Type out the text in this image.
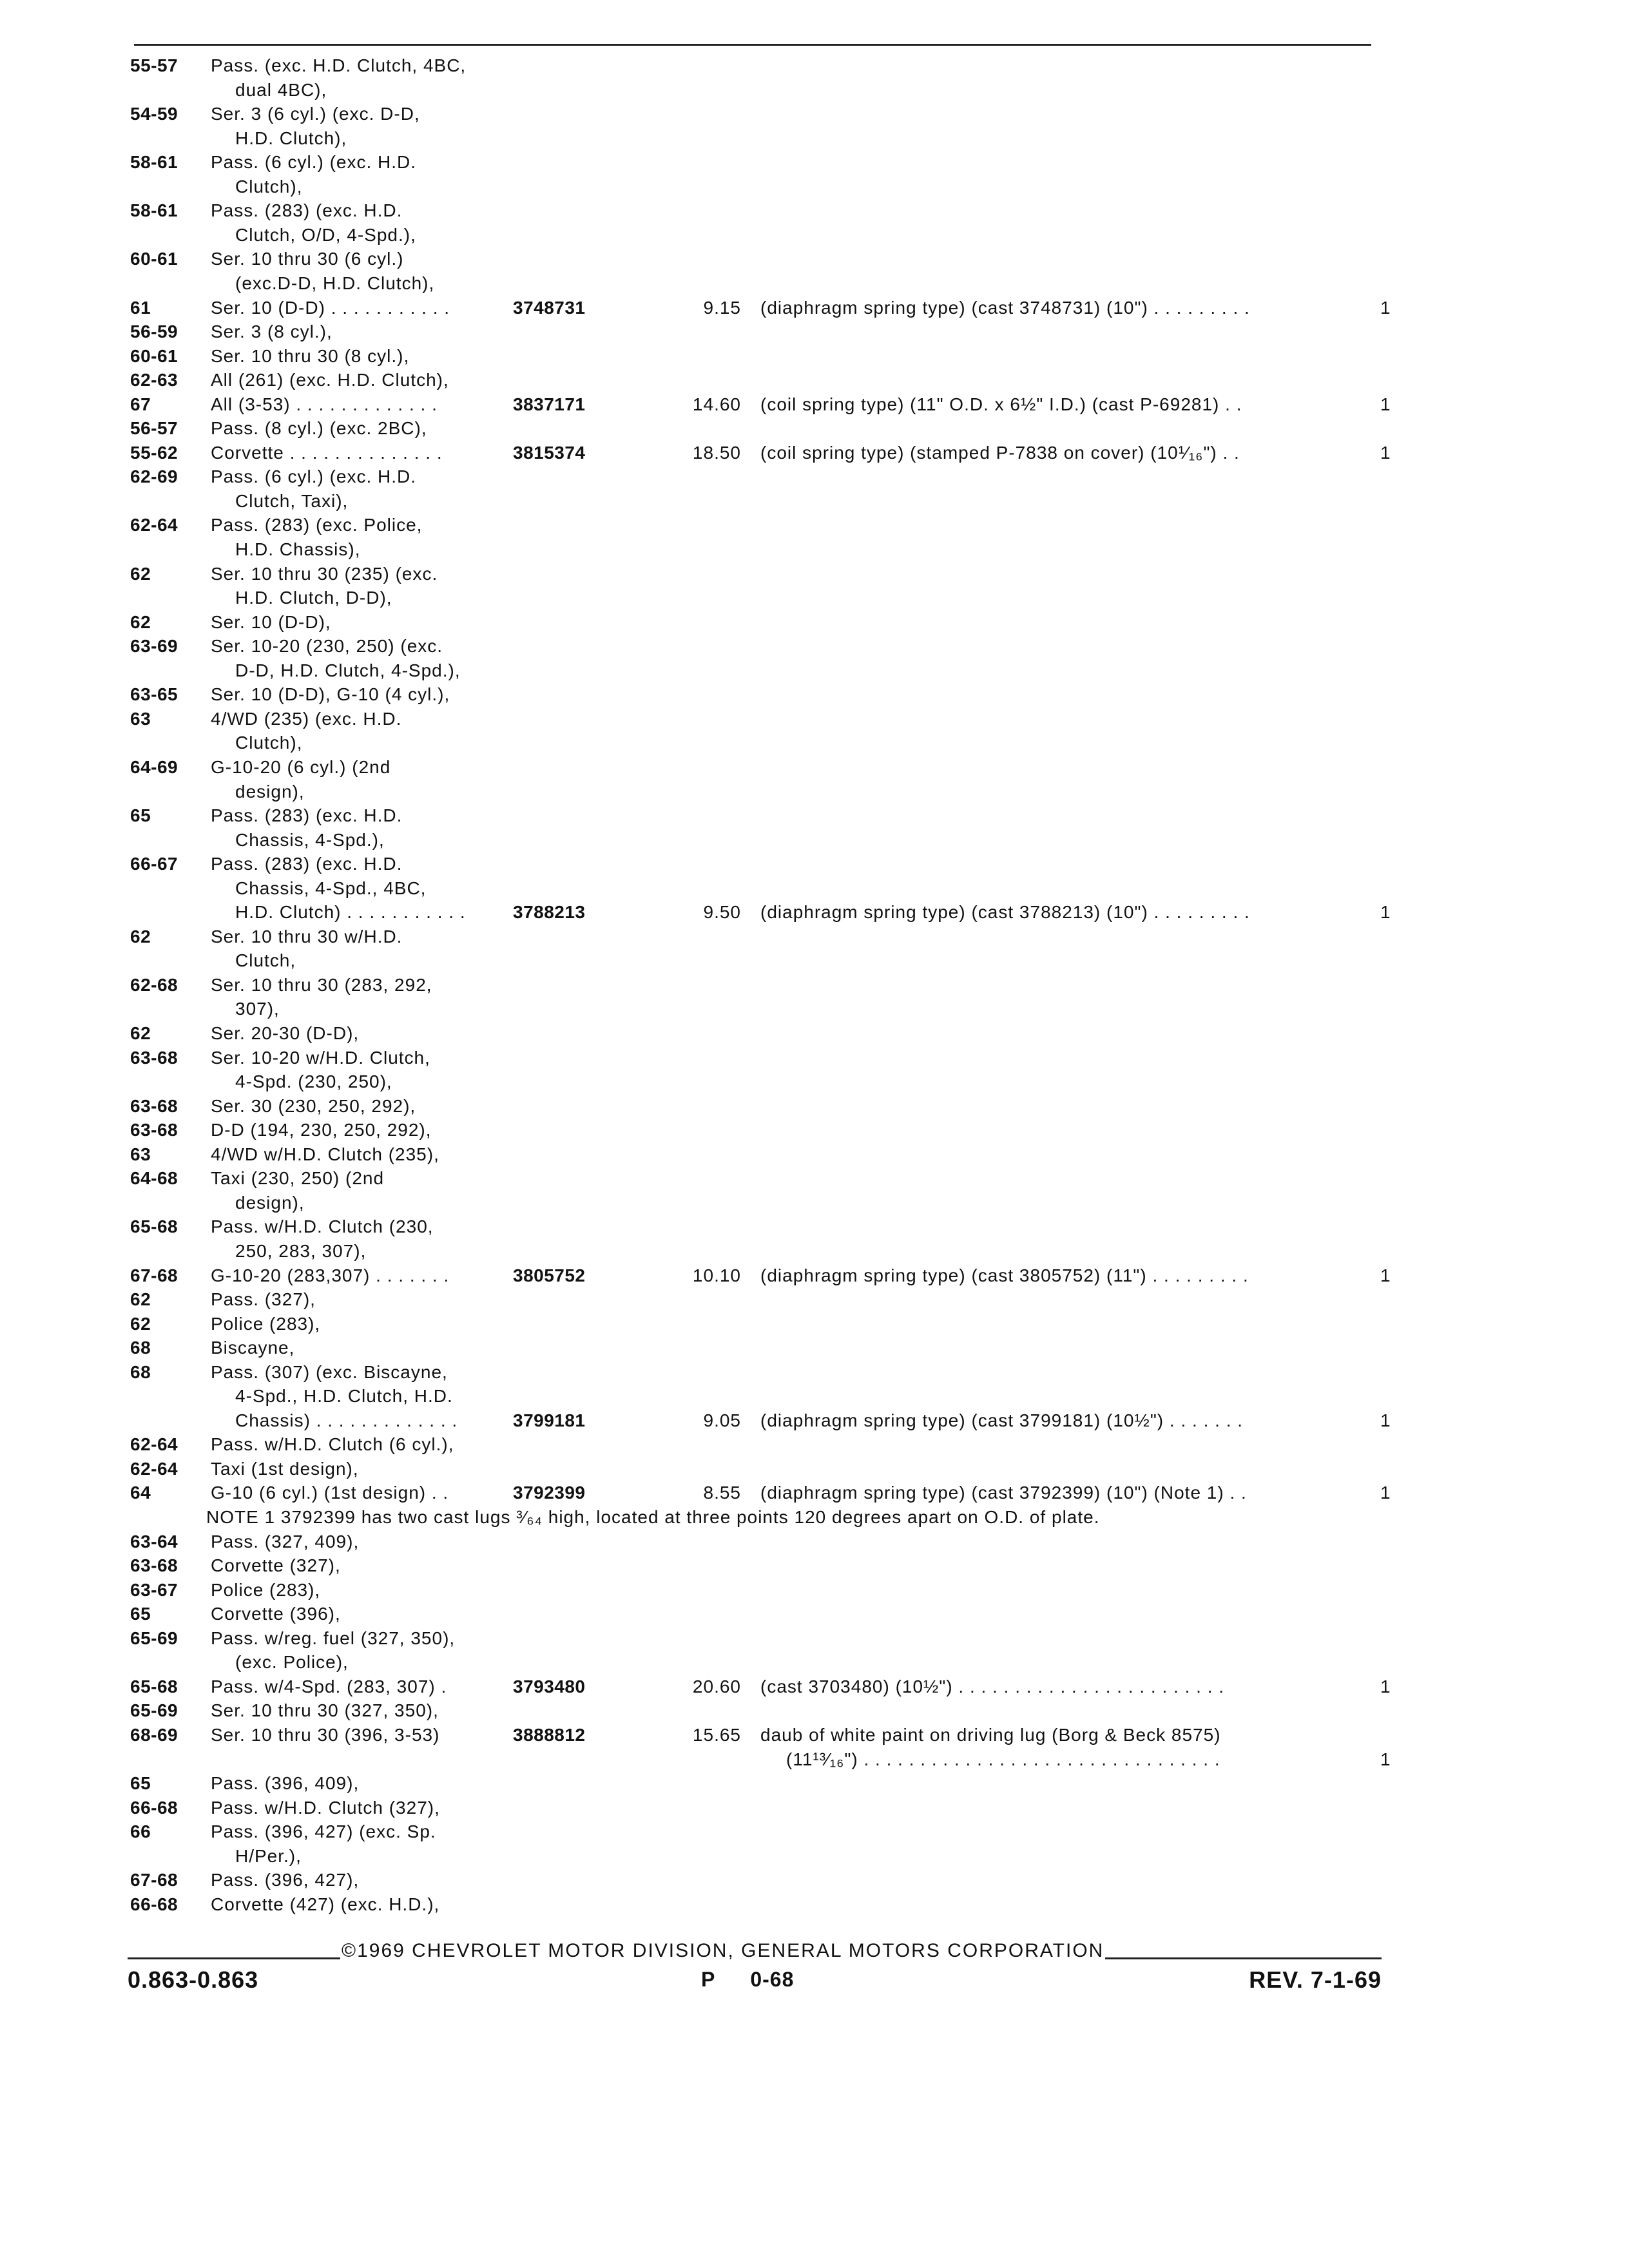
55-57 Pass. (exc. H.D. Clutch, 4BC,
dual 4BC),
54-59 Ser. 3 (6 cyl.) (exc. D-D,
H.D. Clutch),
58-61 Pass. (6 cyl.) (exc. H.D.
Clutch),
58-61 Pass. (283) (exc. H.D.
Clutch, O/D, 4-Spd.),
60-61 Ser. 10 thru 30 (6 cyl.)
(exc.D-D, H.D. Clutch),
61	Ser. 10 (D-D) . . . . . . . . . . .	3748731	9.15 (diaphragm spring type) (cast 3748731) (10") . . . . . . . . .	1
56-59 Ser. 3 (8 cyl.),
60-61 Ser. 10 thru 30 (8 cyl.),
62-63 All (261) (exc. H.D. Clutch),
67	All (3-53) . . . . . . . . . . . . .	3837171	14.60 (coil spring type) (11" O.D. x 6½" I.D.) (cast P-69281) . .	1
56-57 Pass. (8 cyl.) (exc. 2BC),
55-62 Corvette . . . . . . . . . . . . . .	3815374	18.50 (coil spring type) (stamped P-7838 on cover) (10¹⁄₁₆") . .	1
62-69 Pass. (6 cyl.) (exc. H.D.
Clutch, Taxi),
62-64 Pass. (283) (exc. Police,
H.D. Chassis),
62	Ser. 10 thru 30 (235) (exc.
H.D. Clutch, D-D),
62	Ser. 10 (D-D),
63-69 Ser. 10-20 (230, 250) (exc.
D-D, H.D. Clutch, 4-Spd.),
63-65 Ser. 10 (D-D), G-10 (4 cyl.),
63	4/WD (235) (exc. H.D.
Clutch),
64-69 G-10-20 (6 cyl.) (2nd
design),
65	Pass. (283) (exc. H.D.
Chassis, 4-Spd.),
66-67 Pass. (283) (exc. H.D.
Chassis, 4-Spd., 4BC,
H.D. Clutch) . . . . . . . . . . .	3788213	9.50 (diaphragm spring type) (cast 3788213) (10") . . . . . . . . .	1
62	Ser. 10 thru 30 w/H.D.
Clutch,
62-68 Ser. 10 thru 30 (283, 292,
307),
62	Ser. 20-30 (D-D),
63-68 Ser. 10-20 w/H.D. Clutch,
4-Spd. (230, 250),
63-68 Ser. 30 (230, 250, 292),
63-68 D-D (194, 230, 250, 292),
63	4/WD w/H.D. Clutch (235),
64-68 Taxi (230, 250) (2nd
design),
65-68 Pass. w/H.D. Clutch (230,
250, 283, 307),
67-68 G-10-20 (283,307) . . . . . . .	3805752	10.10 (diaphragm spring type) (cast 3805752) (11") . . . . . . . . .	1
62	Pass. (327),
62	Police (283),
68	Biscayne,
68	Pass. (307) (exc. Biscayne,
4-Spd., H.D. Clutch, H.D.
Chassis) . . . . . . . . . . . . .	3799181	9.05 (diaphragm spring type) (cast 3799181) (10½") . . . . . . .	1
62-64 Pass. w/H.D. Clutch (6 cyl.),
62-64 Taxi (1st design),
64	G-10 (6 cyl.) (1st design) . .	3792399	8.55 (diaphragm spring type) (cast 3792399) (10") (Note 1) . .	1
NOTE 1 3792399 has two cast lugs ³⁄₆₄ high, located at three points 120 degrees apart on O.D. of plate.
63-64 Pass. (327, 409),
63-68 Corvette (327),
63-67 Police (283),
65	Corvette (396),
65-69 Pass. w/reg. fuel (327, 350),
(exc. Police),
65-68 Pass. w/4-Spd. (283, 307) .	3793480	20.60 (cast 3703480) (10½") . . . . . . . . . . . . . . . . . . . . . . . .	1
65-69 Ser. 10 thru 30 (327, 350),
68-69 Ser. 10 thru 30 (396, 3-53)	3888812	15.65 daub of white paint on driving lug (Borg & Beck 8575)
(11¹³⁄₁₆") . . . . . . . . . . . . . . . . . . . . . . . . . . . . . . . .	1
65	Pass. (396, 409),
66-68 Pass. w/H.D. Clutch (327),
66	Pass. (396, 427) (exc. Sp.
H/Per.),
67-68 Pass. (396, 427),
66-68 Corvette (427) (exc. H.D.),
©1969 CHEVROLET MOTOR DIVISION, GENERAL MOTORS CORPORATION
0.863-0.863	P 0-68	REV. 7-1-69
